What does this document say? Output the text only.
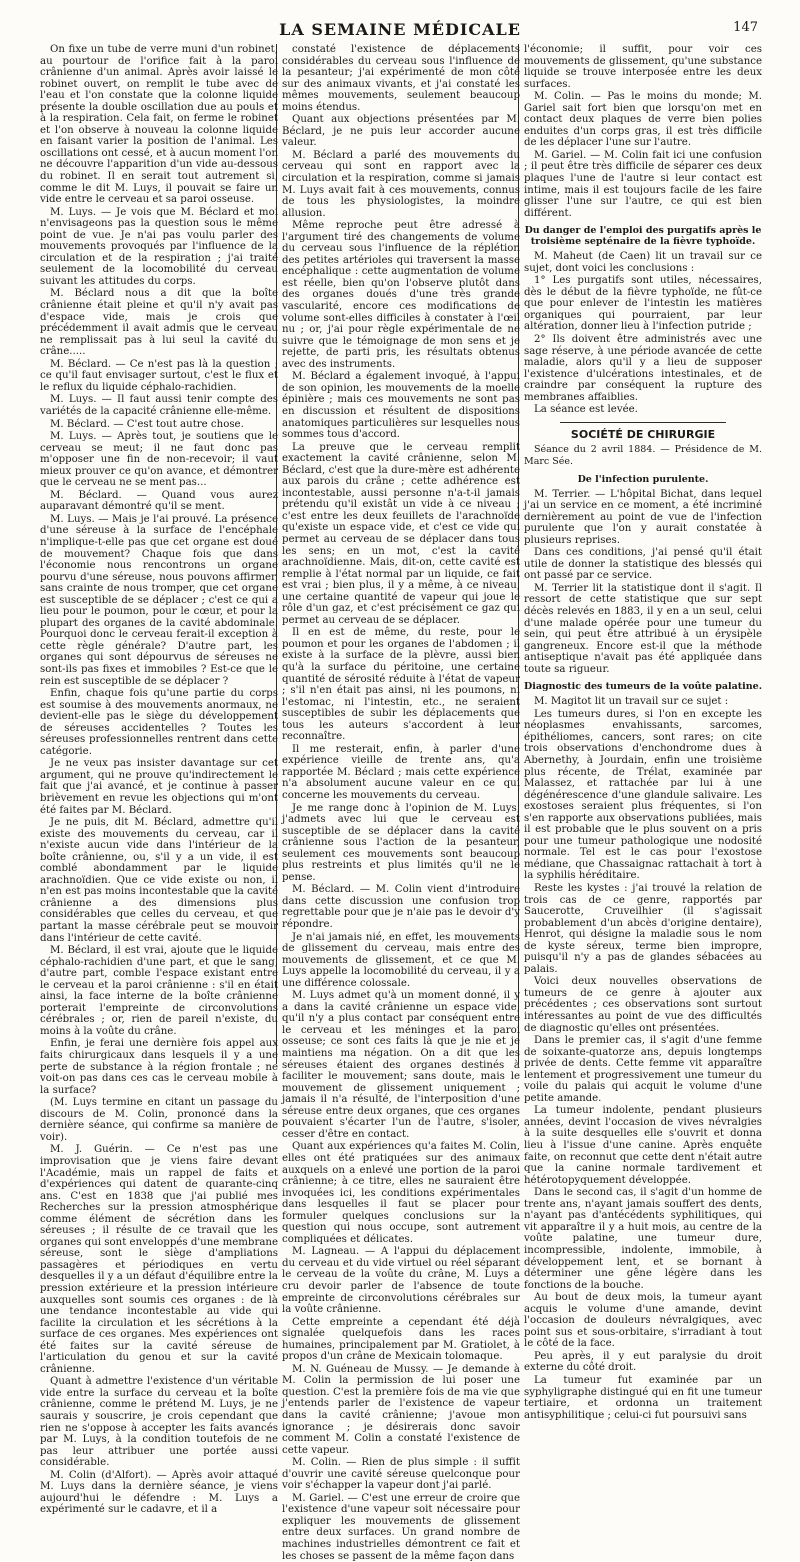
LA SEMAINE MÉDICALE	147

On fixe un tube de verre muni d'un robinet, au pourtour de l'orifice fait à la paroi crânienne d'un animal. Après avoir laissé le robinet ouvert, on remplit le tube avec de l'eau et l'on constate que la colonne liquide présente la double oscillation due au pouls et à la respiration. Cela fait, on ferme le robinet et l'on observe à nouveau la colonne liquide en faisant varier la position de l'animal. Les oscillations ont cessé, et à aucun moment l'on ne découvre l'apparition d'un vide au-dessous du robinet. Il en serait tout autrement si, comme le dit M. Luys, il pouvait se faire un vide entre le cerveau et sa paroi osseuse.

M. Luys. — Je vois que M. Béclard et moi n'envisageons pas la question sous le même point de vue. Je n'ai pas voulu parler des mouvements provoqués par l'influence de la circulation et de la respiration ; j'ai traité seulement de la locomobilité du cerveau suivant les attitudes du corps.

M. Béclard nous a dit que la boîte crânienne était pleine et qu'il n'y avait pas d'espace vide, mais je crois que précédemment il avait admis que le cerveau ne remplissait pas à lui seul la cavité du crâne.....

M. Béclard. — Ce n'est pas là la question ; ce qu'il faut envisager surtout, c'est le flux et le reflux du liquide céphalo-rachidien.

M. Luys. — Il faut aussi tenir compte des variétés de la capacité crânienne elle-même.

M. Béclard. — C'est tout autre chose.

M. Luys. — Après tout, je soutiens que le cerveau se meut; il ne faut donc pas m'opposer une fin de non-recevoir; il vaut mieux prouver ce qu'on avance, et démontrer que le cerveau ne se ment pas...

M. Béclard. — Quand vous aurez auparavant démontré qu'il se ment.

M. Luys. — Mais je l'ai prouvé. La présence d'une séreuse à la surface de l'encéphale n'implique-t-elle pas que cet organe est doué de mouvement? Chaque fois que dans l'économie nous rencontrons un organe pourvu d'une séreuse, nous pouvons affirmer, sans crainte de nous tromper, que cet organe est susceptible de se déplacer ; c'est ce qui a lieu pour le poumon, pour le cœur, et pour la plupart des organes de la cavité abdominale. Pourquoi donc le cerveau ferait-il exception à cette règle générale? D'autre part, les organes qui sont dépourvus de séreuses ne sont-ils pas fixes et immobiles ? Est-ce que le rein est susceptible de se déplacer ?

Enfin, chaque fois qu'une partie du corps est soumise à des mouvements anormaux, ne devient-elle pas le siège du développement de séreuses accidentelles ? Toutes les séreuses professionnelles rentrent dans cette catégorie.

Je ne veux pas insister davantage sur cet argument, qui ne prouve qu'indirectement le fait que j'ai avancé, et je continue à passer brièvement en revue les objections qui m'ont été faites par M. Béclard.

Je ne puis, dit M. Béclard, admettre qu'il existe des mouvements du cerveau, car il n'existe aucun vide dans l'intérieur de la boîte crânienne, ou, s'il y a un vide, il est comblé abondamment par le liquide arachnoïdien. Que ce vide existe ou non, il n'en est pas moins incontestable que la cavité crânienne a des dimensions plus considérables que celles du cerveau, et que partant la masse cérébrale peut se mouvoir dans l'intérieur de cette cavité.

M. Béclard, il est vrai, ajoute que le liquide céphalo-rachidien d'une part, et que le sang, d'autre part, comble l'espace existant entre le cerveau et la paroi crânienne : s'il en était ainsi, la face interne de la boîte crânienne porterait l'empreinte de circonvolutions cérébrales ; or, rien de pareil n'existe, du moins à la voûte du crâne.

Enfin, je ferai une dernière fois appel aux faits chirurgicaux dans lesquels il y a une perte de substance à la région frontale ; ne voit-on pas dans ces cas le cerveau mobile à la surface?

(M. Luys termine en citant un passage du discours de M. Colin, prononcé dans la dernière séance, qui confirme sa manière de voir).

M. J. Guérin. — Ce n'est pas une improvisation que je viens faire devant l'Académie, mais un rappel de faits et d'expériences qui datent de quarante-cinq ans. C'est en 1838 que j'ai publié mes Recherches sur la pression atmosphérique comme élément de sécrétion dans les séreuses ; il résulte de ce travail que les organes qui sont enveloppés d'une membrane séreuse, sont le siège d'ampliations passagères et périodiques en vertu desquelles il y a un défaut d'équilibre entre la pression extérieure et la pression intérieure auxquelles sont soumis ces organes : de là une tendance incontestable au vide qui facilite la circulation et les sécrétions à la surface de ces organes. Mes expériences ont été faites sur la cavité séreuse de l'articulation du genou et sur la cavité crânienne.

Quant à admettre l'existence d'un véritable vide entre la surface du cerveau et la boîte crânienne, comme le prétend M. Luys, je ne saurais y souscrire, je crois cependant que rien ne s'oppose à accepter les faits avancés par M. Luys, à la condition toutefois de ne pas leur attribuer une portée aussi considérable.

M. Colin (d'Alfort). — Après avoir attaqué M. Luys dans la dernière séance, je viens aujourd'hui le défendre : M. Luys a expérimenté sur le cadavre, et il a

constaté l'existence de déplacements considérables du cerveau sous l'influence de la pesanteur; j'ai expérimenté de mon côté sur des animaux vivants, et j'ai constaté les mêmes mouvements, seulement beaucoup moins étendus.

Quant aux objections présentées par M. Béclard, je ne puis leur accorder aucune valeur.

M. Béclard a parlé des mouvements du cerveau qui sont en rapport avec la circulation et la respiration, comme si jamais M. Luys avait fait à ces mouvements, connus de tous les physiologistes, la moindre allusion.

Même reproche peut être adressé à l'argument tiré des changements de volume du cerveau sous l'influence de la réplétion des petites artérioles qui traversent la masse encéphalique : cette augmentation de volume est réelle, bien qu'on l'observe plutôt dans des organes doués d'une très grande vascularité, encore ces modifications de volume sont-elles difficiles à constater à l'œil nu ; or, j'ai pour règle expérimentale de ne suivre que le témoignage de mon sens et je rejette, de parti pris, les résultats obtenus avec des instruments.

M. Béclard a également invoqué, à l'appui de son opinion, les mouvements de la moelle épinière ; mais ces mouvements ne sont pas en discussion et résultent de dispositions anatomiques particulières sur lesquelles nous sommes tous d'accord.

La preuve que le cerveau remplit exactement la cavité crânienne, selon M. Béclard, c'est que la dure-mère est adhérente aux parois du crâne ; cette adhérence est incontestable, aussi personne n'a-t-il jamais prétendu qu'il existât un vide à ce niveau ; c'est entre les deux feuillets de l'arachnoïde qu'existe un espace vide, et c'est ce vide qui permet au cerveau de se déplacer dans tous les sens; en un mot, c'est la cavité arachnoïdienne. Mais, dit-on, cette cavité est remplie à l'état normal par un liquide, ce fait est vrai ; bien plus, il y a même, à ce niveau, une certaine quantité de vapeur qui joue le rôle d'un gaz, et c'est précisément ce gaz qui permet au cerveau de se déplacer.

Il en est de même, du reste, pour le poumon et pour les organes de l'abdomen ; il existe à la surface de la plèvre, aussi bien qu'à la surface du péritoine, une certaine quantité de sérosité réduite à l'état de vapeur ; s'il n'en était pas ainsi, ni les poumons, ni l'estomac, ni l'intestin, etc., ne seraient susceptibles de subir les déplacements que tous les auteurs s'accordent à leur reconnaître.

Il me resterait, enfin, à parler d'une expérience vieille de trente ans, qu'a rapportée M. Béclard ; mais cette expérience n'a absolument aucune valeur en ce qui concerne les mouvements du cerveau.

Je me range donc à l'opinion de M. Luys, j'admets avec lui que le cerveau est susceptible de se déplacer dans la cavité crânienne sous l'action de la pesanteur, seulement ces mouvements sont beaucoup plus restreints et plus limités qu'il ne le pense.

M. Béclard. — M. Colin vient d'introduire dans cette discussion une confusion trop regrettable pour que je n'aie pas le devoir d'y répondre.

Je n'ai jamais nié, en effet, les mouvements de glissement du cerveau, mais entre des mouvements de glissement, et ce que M. Luys appelle la locomobilité du cerveau, il y a une différence colossale.

M. Luys admet qu'à un moment donné, il y a dans la cavité crânienne un espace vide, qu'il n'y a plus contact par conséquent entre le cerveau et les méninges et la paroi osseuse; ce sont ces faits là que je nie et je maintiens ma négation. On a dit que les séreuses étaient des organes destinés à faciliter le mouvement; sans doute, mais le mouvement de glissement uniquement ; jamais il n'a résulté, de l'interposition d'une séreuse entre deux organes, que ces organes pouvaient s'écarter l'un de l'autre, s'isoler, cesser d'être en contact.

Quant aux expériences qu'a faites M. Colin, elles ont été pratiquées sur des animaux auxquels on a enlevé une portion de la paroi crânienne; à ce titre, elles ne sauraient être invoquées ici, les conditions expérimentales dans lesquelles il faut se placer pour formuler quelques conclusions sur la question qui nous occupe, sont autrement compliquées et délicates.

M. Lagneau. — A l'appui du déplacement du cerveau et du vide virtuel ou réel séparant le cerveau de la voûte du crâne, M. Luys a cru devoir parler de l'absence de toute empreinte de circonvolutions cérébrales sur la voûte crânienne.

Cette empreinte a cependant été déjà signalée quelquefois dans les races humaines, principalement par M. Gratiolet, à propos d'un crâne de Mexicain tolomaque.

M. N. Guéneau de Mussy. — Je demande à M. Colin la permission de lui poser une question. C'est la première fois de ma vie que j'entends parler de l'existence de vapeur dans la cavité crânienne; j'avoue mon ignorance ; je désirerais donc savoir comment M. Colin a constaté l'existence de cette vapeur.

M. Colin. — Rien de plus simple : il suffit d'ouvrir une cavité séreuse quelconque pour voir s'échapper la vapeur dont j'ai parlé.

M. Gariel. — C'est une erreur de croire que l'existence d'une vapeur soit nécessaire pour expliquer les mouvements de glissement entre deux surfaces. Un grand nombre de machines industrielles démontrent ce fait et les choses se passent de la même façon dans

l'économie; il suffit, pour voir ces mouvements de glissement, qu'une substance liquide se trouve interposée entre les deux surfaces.

M. Colin. — Pas le moins du monde; M. Gariel sait fort bien que lorsqu'on met en contact deux plaques de verre bien polies enduites d'un corps gras, il est très difficile de les déplacer l'une sur l'autre.

M. Gariel. — M. Colin fait ici une confusion ; il peut être très difficile de séparer ces deux plaques l'une de l'autre si leur contact est intime, mais il est toujours facile de les faire glisser l'une sur l'autre, ce qui est bien différent.

Du danger de l'emploi des purgatifs après le troisième septénaire de la fièvre typhoïde.

M. Maheut (de Caen) lit un travail sur ce sujet, dont voici les conclusions :

1° Les purgatifs sont utiles, nécessaires, dès le début de la fièvre typhoïde, ne fût-ce que pour enlever de l'intestin les matières organiques qui pourraient, par leur altération, donner lieu à l'infection putride ;

2° Ils doivent être administrés avec une sage réserve, à une période avancée de cette maladie, alors qu'il y a lieu de supposer l'existence d'ulcérations intestinales, et de craindre par conséquent la rupture des membranes affaiblies.

La séance est levée.

SOCIÉTÉ DE CHIRURGIE

Séance du 2 avril 1884. — Présidence de M. Marc Sée.

De l'infection purulente.

M. Terrier. — L'hôpital Bichat, dans lequel j'ai un service en ce moment, a été incriminé dernièrement au point de vue de l'infection purulente que l'on y aurait constatée à plusieurs reprises.

Dans ces conditions, j'ai pensé qu'il était utile de donner la statistique des blessés qui ont passé par ce service.

M. Terrier lit la statistique dont il s'agit. Il ressort de cette statistique que sur sept décès relevés en 1883, il y en a un seul, celui d'une malade opérée pour une tumeur du sein, qui peut être attribué à un érysipèle gangreneux. Encore est-il que la méthode antiseptique n'avait pas été appliquée dans toute sa rigueur.

Diagnostic des tumeurs de la voûte palatine.

M. Magitot lit un travail sur ce sujet :

Les tumeurs dures, si l'on en excepte les néoplasmes envahissants, sarcomes, épithéliomes, cancers, sont rares; on cite trois observations d'enchondrome dues à Abernethy, à Jourdain, enfin une troisième plus récente, de Trélat, examinée par Malassez, et rattachée par lui à une dégénérescence d'une glandule salivaire. Les exostoses seraient plus fréquentes, si l'on s'en rapporte aux observations publiées, mais il est probable que le plus souvent on a pris pour une tumeur pathologique une nodosité normale. Tel est le cas pour l'exostose médiane, que Chassaignac rattachait à tort à la syphilis héréditaire.

Reste les kystes : j'ai trouvé la relation de trois cas de ce genre, rapportés par Saucerotte, Cruveilhier (il s'agissait probablement d'un abcès d'origine dentaire), Henrot, qui désigne la maladie sous le nom de kyste séreux, terme bien impropre, puisqu'il n'y a pas de glandes sébacées au palais.

Voici deux nouvelles observations de tumeurs de ce genre à ajouter aux précédentes ; ces observations sont surtout intéressantes au point de vue des difficultés de diagnostic qu'elles ont présentées.

Dans le premier cas, il s'agit d'une femme de soixante-quatorze ans, depuis longtemps privée de dents. Cette femme vit apparaître lentement et progressivement une tumeur du voile du palais qui acquit le volume d'une petite amande.

La tumeur indolente, pendant plusieurs années, devint l'occasion de vives névralgies à la suite desquelles elle s'ouvrit et donna lieu à l'issue d'une canine. Après enquête faite, on reconnut que cette dent n'était autre que la canine normale tardivement et hétérotopyquement développée.

Dans le second cas, il s'agit d'un homme de trente ans, n'ayant jamais souffert des dents, n'ayant pas d'antécédents syphilitiques, qui vit apparaître il y a huit mois, au centre de la voûte palatine, une tumeur dure, incompressible, indolente, immobile, à développement lent, et se bornant à déterminer une gêne légère dans les fonctions de la bouche.

Au bout de deux mois, la tumeur ayant acquis le volume d'une amande, devint l'occasion de douleurs névralgiques, avec point sus et sous-orbitaire, s'irradiant à tout le côté de la face.

Peu après, il y eut paralysie du droit externe du côté droit.

La tumeur fut examinée par un syphyligraphe distingué qui en fit une tumeur tertiaire, et ordonna un traitement antisyphilitique ; celui-ci fut poursuivi sans
